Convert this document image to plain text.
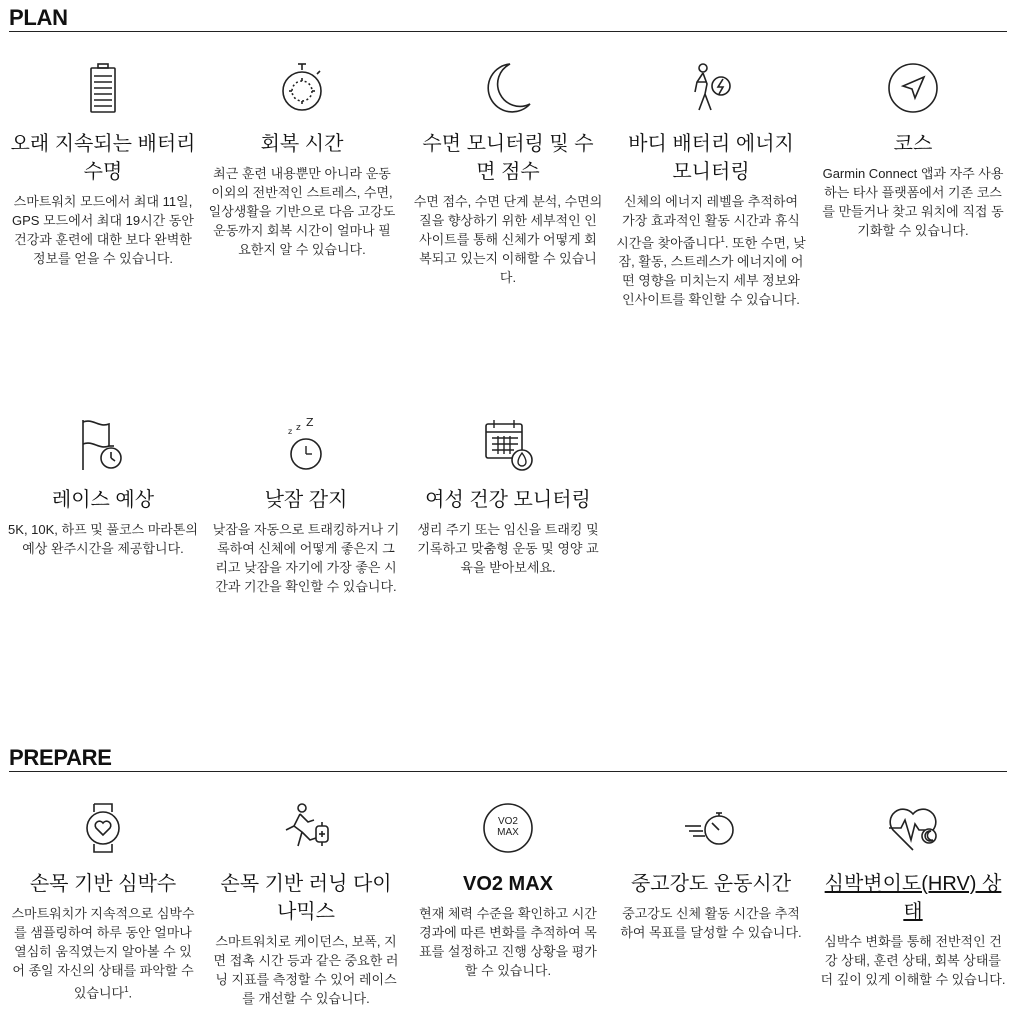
PLAN
오래 지속되는 배터리 수명

스마트워치 모드에서 최대 11일, GPS 모드에서 최대 19시간 동안 건강과 훈련에 대한 보다 완벽한 정보를 얻을 수 있습니다.

회복 시간

최근 훈련 내용뿐만 아니라 운동 이외의 전반적인 스트레스, 수면, 일상생활을 기반으로 다음 고강도 운동까지 회복 시간이 얼마나 필요한지 알 수 있습니다.

수면 모니터링 및 수면 점수

수면 점수, 수면 단계 분석, 수면의 질을 향상하기 위한 세부적인 인사이트를 통해 신체가 어떻게 회복되고 있는지 이해할 수 있습니다.

바디 배터리 에너지 모니터링

신체의 에너지 레벨을 추적하여 가장 효과적인 활동 시간과 휴식 시간을 찾아줍니다$^1$. 또한 수면, 낮잠, 활동, 스트레스가 에너지에 어떤 영향을 미치는지 세부 정보와 인사이트를 확인할 수 있습니다.

코스

Garmin Connect 앱과 자주 사용하는 타사 플랫폼에서 기존 코스를 만들거나 찾고 워치에 직접 동기화할 수 있습니다.

레이스 예상

5K, 10K, 하프 및 풀코스 마라톤의 예상 완주시간을 제공합니다.

z z Z
낮잠 감지

낮잠을 자동으로 트래킹하거나 기록하여 신체에 어떻게 좋은지 그리고 낮잠을 자기에 가장 좋은 시간과 기간을 확인할 수 있습니다.

여성 건강 모니터링

생리 주기 또는 임신을 트래킹 및 기록하고 맞춤형 운동 및 영양 교육을 받아보세요.

PREPARE
손목 기반 심박수

스마트워치가 지속적으로 심박수를 샘플링하여 하루 동안 얼마나 열심히 움직였는지 알아볼 수 있어 종일 자신의 상태를 파악할 수 있습니다$^1$.

손목 기반 러닝 다이나믹스

스마트워치로 케이던스, 보폭, 지면 접촉 시간 등과 같은 중요한 러닝 지표를 측정할 수 있어 레이스를 개선할 수 있습니다.

VO2 MAX
VO2 MAX

현재 체력 수준을 확인하고 시간 경과에 따른 변화를 추적하여 목표를 설정하고 진행 상황을 평가할 수 있습니다.

중고강도 운동시간

중고강도 신체 활동 시간을 추적하여 목표를 달성할 수 있습니다.

심박변이도(HRV) 상태

심박수 변화를 통해 전반적인 건강 상태, 훈련 상태, 회복 상태를 더 깊이 있게 이해할 수 있습니다.
